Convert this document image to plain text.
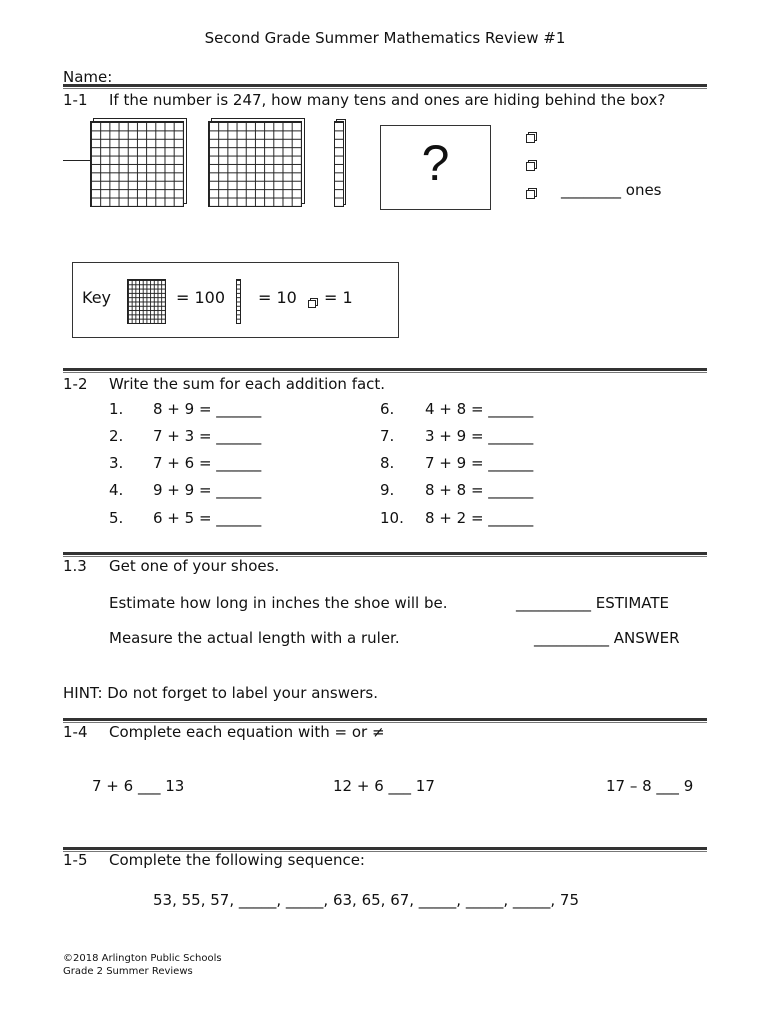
Second Grade Summer Mathematics Review #1
Name:
1-1 If the number is 247, how many tens and ones are hiding behind the box?
?	________ ones
Key	= 100 = 10 = 1
1-2 Write the sum for each addition fact.
1. 8 + 9 = ______
2. 7 + 3 = ______
3. 7 + 6 = ______
4. 9 + 9 = ______
5. 6 + 5 = ______
6. 4 + 8 = ______
7. 3 + 9 = ______
8. 7 + 9 = ______
9. 8 + 8 = ______
10. 8 + 2 = ______
1.3 Get one of your shoes.
Estimate how long in inches the shoe will be.	__________ ESTIMATE
Measure the actual length with a ruler.	__________ ANSWER
HINT: Do not forget to label your answers.
1-4 Complete each equation with = or ≠
7 + 6 ___ 13	12 + 6 ___ 17	17 – 8 ___ 9
1-5 Complete the following sequence:
53, 55, 57, _____, _____, 63, 65, 67, _____, _____, _____, 75
©2018 Arlington Public Schools
Grade 2 Summer Reviews
